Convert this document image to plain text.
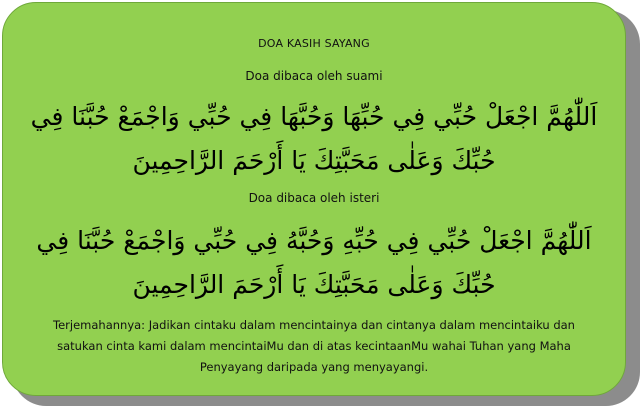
DOA KASIH SAYANG

Doa dibaca oleh suami

اَللّٰهُمَّ اجْعَلْ حُبِّي فِي حُبِّهَا وَحُبَّهَا فِي حُبِّي وَاجْمَعْ حُبَّنَا فِي حُبِّكَ وَعَلٰى مَحَبَّتِكَ يَا أَرْحَمَ الرَّاحِمِينَ

Doa dibaca oleh isteri

اَللّٰهُمَّ اجْعَلْ حُبِّي فِي حُبِّهِ وَحُبَّهُ فِي حُبِّي وَاجْمَعْ حُبَّنَا فِي حُبِّكَ وَعَلٰى مَحَبَّتِكَ يَا أَرْحَمَ الرَّاحِمِينَ

Terjemahannya: Jadikan cintaku dalam mencintainya dan cintanya dalam mencintaiku dan satukan cinta kami dalam mencintaiMu dan di atas kecintaanMu wahai Tuhan yang Maha Penyayang daripada yang menyayangi.
